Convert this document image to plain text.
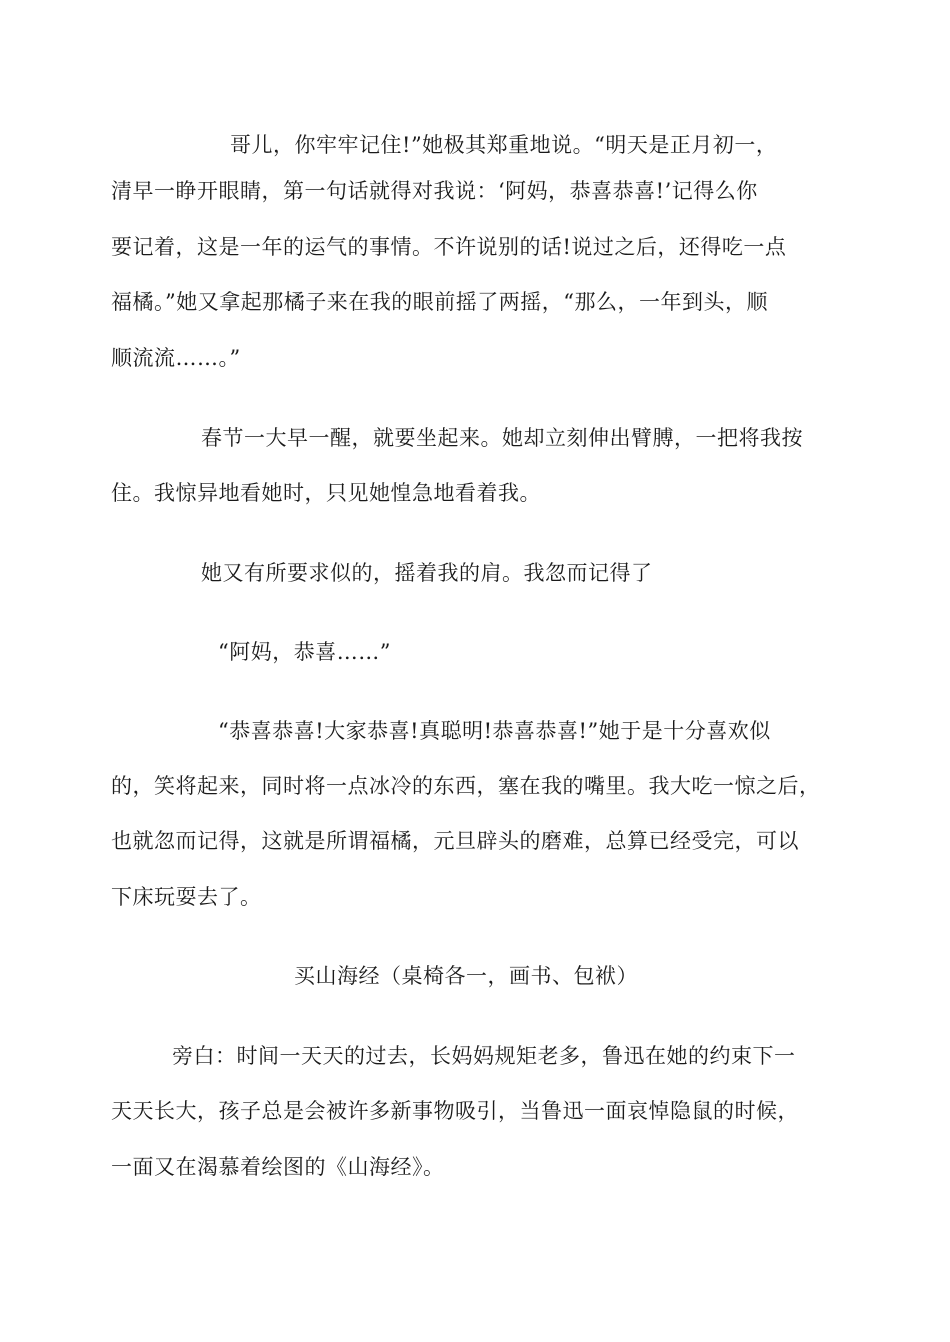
哥儿，你牢牢记住!”她极其郑重地说。“明天是正月初一，
清早一睁开眼睛，第一句话就得对我说：‘阿妈，恭喜恭喜!’记得么你
要记着，这是一年的运气的事情。不许说别的话!说过之后，还得吃一点
福橘。”她又拿起那橘子来在我的眼前摇了两摇，“那么，一年到头，顺
顺流流……。”
春节一大早一醒，就要坐起来。她却立刻伸出臂膊，一把将我按
住。我惊异地看她时，只见她惶急地看着我。
她又有所要求似的，摇着我的肩。我忽而记得了
“阿妈，恭喜……”
“恭喜恭喜!大家恭喜!真聪明!恭喜恭喜!”她于是十分喜欢似
的，笑将起来，同时将一点冰冷的东西，塞在我的嘴里。我大吃一惊之后，
也就忽而记得，这就是所谓福橘，元旦辟头的磨难，总算已经受完，可以
下床玩耍去了。
买山海经（桌椅各一，画书、包袱）
旁白：时间一天天的过去，长妈妈规矩老多，鲁迅在她的约束下一
天天长大，孩子总是会被许多新事物吸引，当鲁迅一面哀悼隐鼠的时候，
一面又在渴慕着绘图的《山海经》。
